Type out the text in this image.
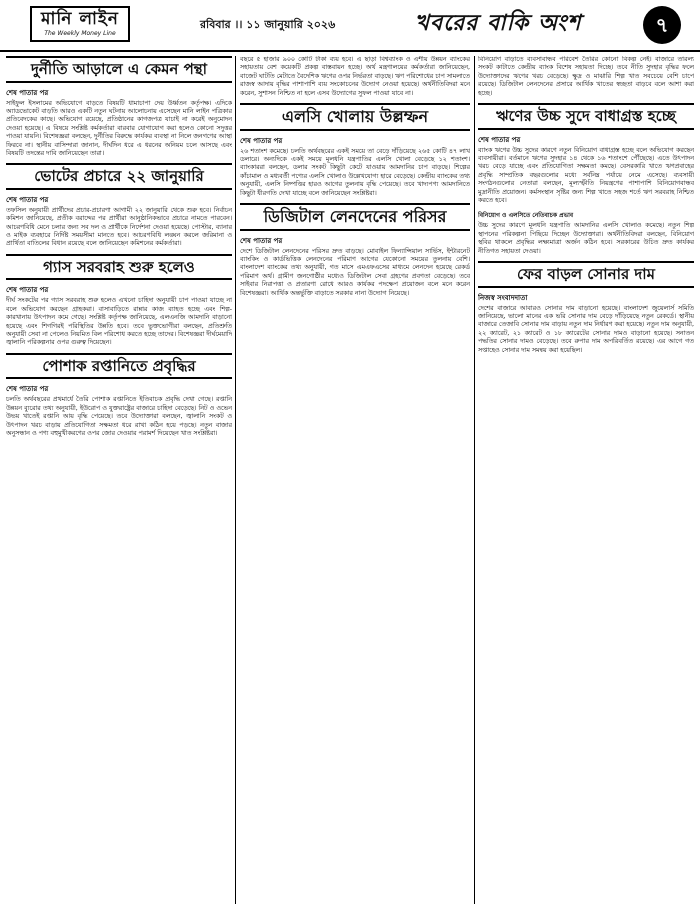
মানি লাইন
The Weekly Money Line
রবিবার ।। ১১ জানুয়ারি ২০২৬	খবরের বাকি অংশ	৭
দুর্নীতি আড়ালে এ কেমন পন্থা
শেষ পাতার পর

সাইফুল ইসলামের অভিযোগে বাড়তে বিষয়টি ধামাচাপা দেয় উর্ধ্বতন কর্তৃপক্ষ। এদিকে অ্যাডভোকেট বাড়তি আরও একটি নতুন ঘটনায় আলোচনায় এসেছেন মানি লাইন পত্রিকার প্রতিবেদকের কাছে। অভিযোগ রয়েছে, প্রতিষ্ঠানের কাগজপত্র যাচাই না করেই অনুমোদন দেওয়া হয়েছে। এ বিষয়ে সংশ্লিষ্ট কর্মকর্তারা বারবার যোগাযোগ করা হলেও কোনো সদুত্তর পাওয়া যায়নি। বিশেষজ্ঞরা বলছেন, দুর্নীতির বিরুদ্ধে কার্যকর ব্যবস্থা না নিলে জনগণের আস্থা ফিরবে না। স্থানীয় বাসিন্দারা জানান, দীর্ঘদিন ধরে এ ধরনের অনিয়ম চলে আসছে এবং বিষয়টি তদন্তের দাবি জানিয়েছেন তারা।

ভোটের প্রচারে ২২ জানুয়ারি
শেষ পাতার পর

তফসিল অনুযায়ী প্রার্থীদের প্রচার-প্রচারণা আগামী ২২ জানুয়ারি থেকে শুরু হবে। নির্বাচন কমিশন জানিয়েছে, প্রতীক বরাদ্দের পর প্রার্থীরা আনুষ্ঠানিকভাবে প্রচারে নামতে পারবেন। আচরণবিধি মেনে চলার জন্য সব দল ও প্রার্থীকে নির্দেশনা দেওয়া হয়েছে। পোস্টার, ব্যানার ও মাইক ব্যবহারে নির্দিষ্ট সময়সীমা মানতে হবে। আচরণবিধি লঙ্ঘন করলে জরিমানা ও প্রার্থিতা বাতিলের বিধান রয়েছে বলে জানিয়েছেন কমিশনের কর্মকর্তারা।

গ্যাস সরবরাহ শুরু হলেও
শেষ পাতার পর

দীর্ঘ সংকটের পর গ্যাস সরবরাহ শুরু হলেও এখনো চাহিদা অনুযায়ী চাপ পাওয়া যাচ্ছে না বলে অভিযোগ করছেন গ্রাহকরা। বাসাবাড়িতে রান্নার কাজ ব্যাহত হচ্ছে এবং শিল্প-কারখানায় উৎপাদন কমে গেছে। সংশ্লিষ্ট কর্তৃপক্ষ জানিয়েছে, এলএনজি আমদানি বাড়ানো হয়েছে এবং শিগগিরই পরিস্থিতির উন্নতি হবে। তবে ভুক্তভোগীরা বলছেন, প্রতিশ্রুতি অনুযায়ী সেবা না পেলেও নিয়মিত বিল পরিশোধ করতে হচ্ছে তাদের। বিশেষজ্ঞরা দীর্ঘমেয়াদি জ্বালানি পরিকল্পনার ওপর গুরুত্ব দিয়েছেন।

পোশাক রপ্তানিতে প্রবৃদ্ধির
শেষ পাতার পর

চলতি অর্থবছরের প্রথমার্ধে তৈরি পোশাক রপ্তানিতে ইতিবাচক প্রবৃদ্ধি দেখা গেছে। রপ্তানি উন্নয়ন ব্যুরোর তথ্য অনুযায়ী, ইউরোপ ও যুক্তরাষ্ট্রের বাজারে চাহিদা বেড়েছে। নিট ও ওভেন উভয় খাতেই রপ্তানি আয় বৃদ্ধি পেয়েছে। তবে উদ্যোক্তারা বলছেন, জ্বালানি সংকট ও উৎপাদন খরচ বাড়ায় প্রতিযোগিতা সক্ষমতা ধরে রাখা কঠিন হয়ে পড়ছে। নতুন বাজার অনুসন্ধান ও পণ্য বহুমুখীকরণের ওপর জোর দেওয়ার পরামর্শ দিয়েছেন খাত সংশ্লিষ্টরা।

বছরে ৫ হাজার ৯০০ কোটি টাকা ব্যয় হবে। এ ছাড়া বিশ্বব্যাংক ও এশীয় উন্নয়ন ব্যাংকের সহায়তায় বেশ কয়েকটি প্রকল্প বাস্তবায়ন হচ্ছে। অর্থ মন্ত্রণালয়ের কর্মকর্তারা জানিয়েছেন, বাজেট ঘাটতি মেটাতে বৈদেশিক ঋণের ওপর নির্ভরতা বাড়ছে। ঋণ পরিশোধের চাপ সামলাতে রাজস্ব আদায় বৃদ্ধির পাশাপাশি ব্যয় সংকোচনের উদ্যোগ নেওয়া হয়েছে। অর্থনীতিবিদরা মনে করেন, সুশাসন নিশ্চিত না হলে এসব উদ্যোগের সুফল পাওয়া যাবে না।

এলসি খোলায় উল্লম্ফন
শেষ পাতার পর

২৬ শতাংশ কমেছে। চলতি অর্থবছরের একই সময়ে তা বেড়ে দাঁড়িয়েছে ২৬৫ কোটি ৪৭ লাখ ডলারে। অন্যদিকে একই সময়ে মূলধনি যন্ত্রপাতির এলসি খোলা বেড়েছে ১২ শতাংশ। ব্যাংকাররা বলছেন, ডলার সংকট কিছুটা কেটে যাওয়ায় আমদানির চাপ বাড়ছে। শিল্পের কাঁচামাল ও মধ্যবর্তী পণ্যের এলসি খোলাও উল্লেখযোগ্য হারে বেড়েছে। কেন্দ্রীয় ব্যাংকের তথ্য অনুযায়ী, এলসি নিষ্পত্তির হারও আগের তুলনায় বৃদ্ধি পেয়েছে। তবে খাদ্যপণ্য আমদানিতে কিছুটা ধীরগতি দেখা যাচ্ছে বলে জানিয়েছেন সংশ্লিষ্টরা।

ডিজিটাল লেনদেনের পরিসর
শেষ পাতার পর

দেশে ডিজিটাল লেনদেনের পরিসর দ্রুত বাড়ছে। মোবাইল ফিন্যান্সিয়াল সার্ভিস, ইন্টারনেট ব্যাংকিং ও কার্ডভিত্তিক লেনদেনের পরিমাণ আগের যেকোনো সময়ের তুলনায় বেশি। বাংলাদেশ ব্যাংকের তথ্য অনুযায়ী, গত মাসে এমএফএসের মাধ্যমে লেনদেন হয়েছে রেকর্ড পরিমাণ অর্থ। গ্রামীণ জনগোষ্ঠীর মধ্যেও ডিজিটাল সেবা গ্রহণের প্রবণতা বেড়েছে। তবে সাইবার নিরাপত্তা ও প্রতারণা রোধে আরও কার্যকর পদক্ষেপ প্রয়োজন বলে মনে করেন বিশেষজ্ঞরা। আর্থিক অন্তর্ভুক্তি বাড়াতে সরকার নানা উদ্যোগ নিয়েছে।

বিনিয়োগ বাড়াতে ব্যবসাবান্ধব পরিবেশ তৈরির কোনো বিকল্প নেই। বাজারে তারল্য সংকট কাটাতে কেন্দ্রীয় ব্যাংক বিশেষ সহায়তা দিচ্ছে। তবে নীতি সুদহার বৃদ্ধির ফলে উদ্যোক্তাদের ঋণের খরচ বেড়েছে। ক্ষুদ্র ও মাঝারি শিল্প খাত সবচেয়ে বেশি চাপে রয়েছে। ডিজিটাল লেনদেনের প্রসারে আর্থিক খাতের স্বচ্ছতা বাড়বে বলে আশা করা হচ্ছে।

ঋণের উচ্চ সুদে বাধাগ্রস্ত হচ্ছে
শেষ পাতার পর

ব্যাংক ঋণের উচ্চ সুদের কারণে নতুন বিনিয়োগ বাধাগ্রস্ত হচ্ছে বলে অভিযোগ করছেন ব্যবসায়ীরা। বর্তমানে ঋণের সুদহার ১৪ থেকে ১৬ শতাংশে পৌঁছেছে। এতে উৎপাদন খরচ বেড়ে যাচ্ছে এবং প্রতিযোগিতা সক্ষমতা কমছে। বেসরকারি খাতে ঋণপ্রবাহের প্রবৃদ্ধি সাম্প্রতিক বছরগুলোর মধ্যে সর্বনিম্ন পর্যায়ে নেমে এসেছে। ব্যবসায়ী সংগঠনগুলোর নেতারা বলছেন, মূল্যস্ফীতি নিয়ন্ত্রণের পাশাপাশি বিনিয়োগবান্ধব মুদ্রানীতি প্রয়োজন। কর্মসংস্থান সৃষ্টির জন্য শিল্প খাতে সহজ শর্তে ঋণ সরবরাহ নিশ্চিত করতে হবে।

বিনিয়োগ ও এলসিতে নেতিবাচক প্রভাব

উচ্চ সুদের কারণে মূলধনি যন্ত্রপাতি আমদানির এলসি খোলাও কমেছে। নতুন শিল্প স্থাপনের পরিকল্পনা পিছিয়ে দিচ্ছেন উদ্যোক্তারা। অর্থনীতিবিদরা বলছেন, বিনিয়োগ স্থবির থাকলে প্রবৃদ্ধির লক্ষ্যমাত্রা অর্জন কঠিন হবে। সরকারের উচিত দ্রুত কার্যকর নীতিগত সহায়তা দেওয়া।

ফের বাড়ল সোনার দাম
নিজস্ব সংবাদদাতা

দেশের বাজারে আবারও সোনার দাম বাড়ানো হয়েছে। বাংলাদেশ জুয়েলার্স সমিতি জানিয়েছে, ভালো মানের এক ভরি সোনার দাম বেড়ে দাঁড়িয়েছে নতুন রেকর্ডে। স্থানীয় বাজারে তেজাবি সোনার দাম বাড়ায় নতুন দাম নির্ধারণ করা হয়েছে। নতুন দাম অনুযায়ী, ২২ ক্যারেট, ২১ ক্যারেট ও ১৮ ক্যারেটের সোনার দামও বাড়ানো হয়েছে। সনাতন পদ্ধতির সোনার দামও বেড়েছে। তবে রুপার দাম অপরিবর্তিত রয়েছে। এর আগে গত সপ্তাহেও সোনার দাম সমন্বয় করা হয়েছিল।
